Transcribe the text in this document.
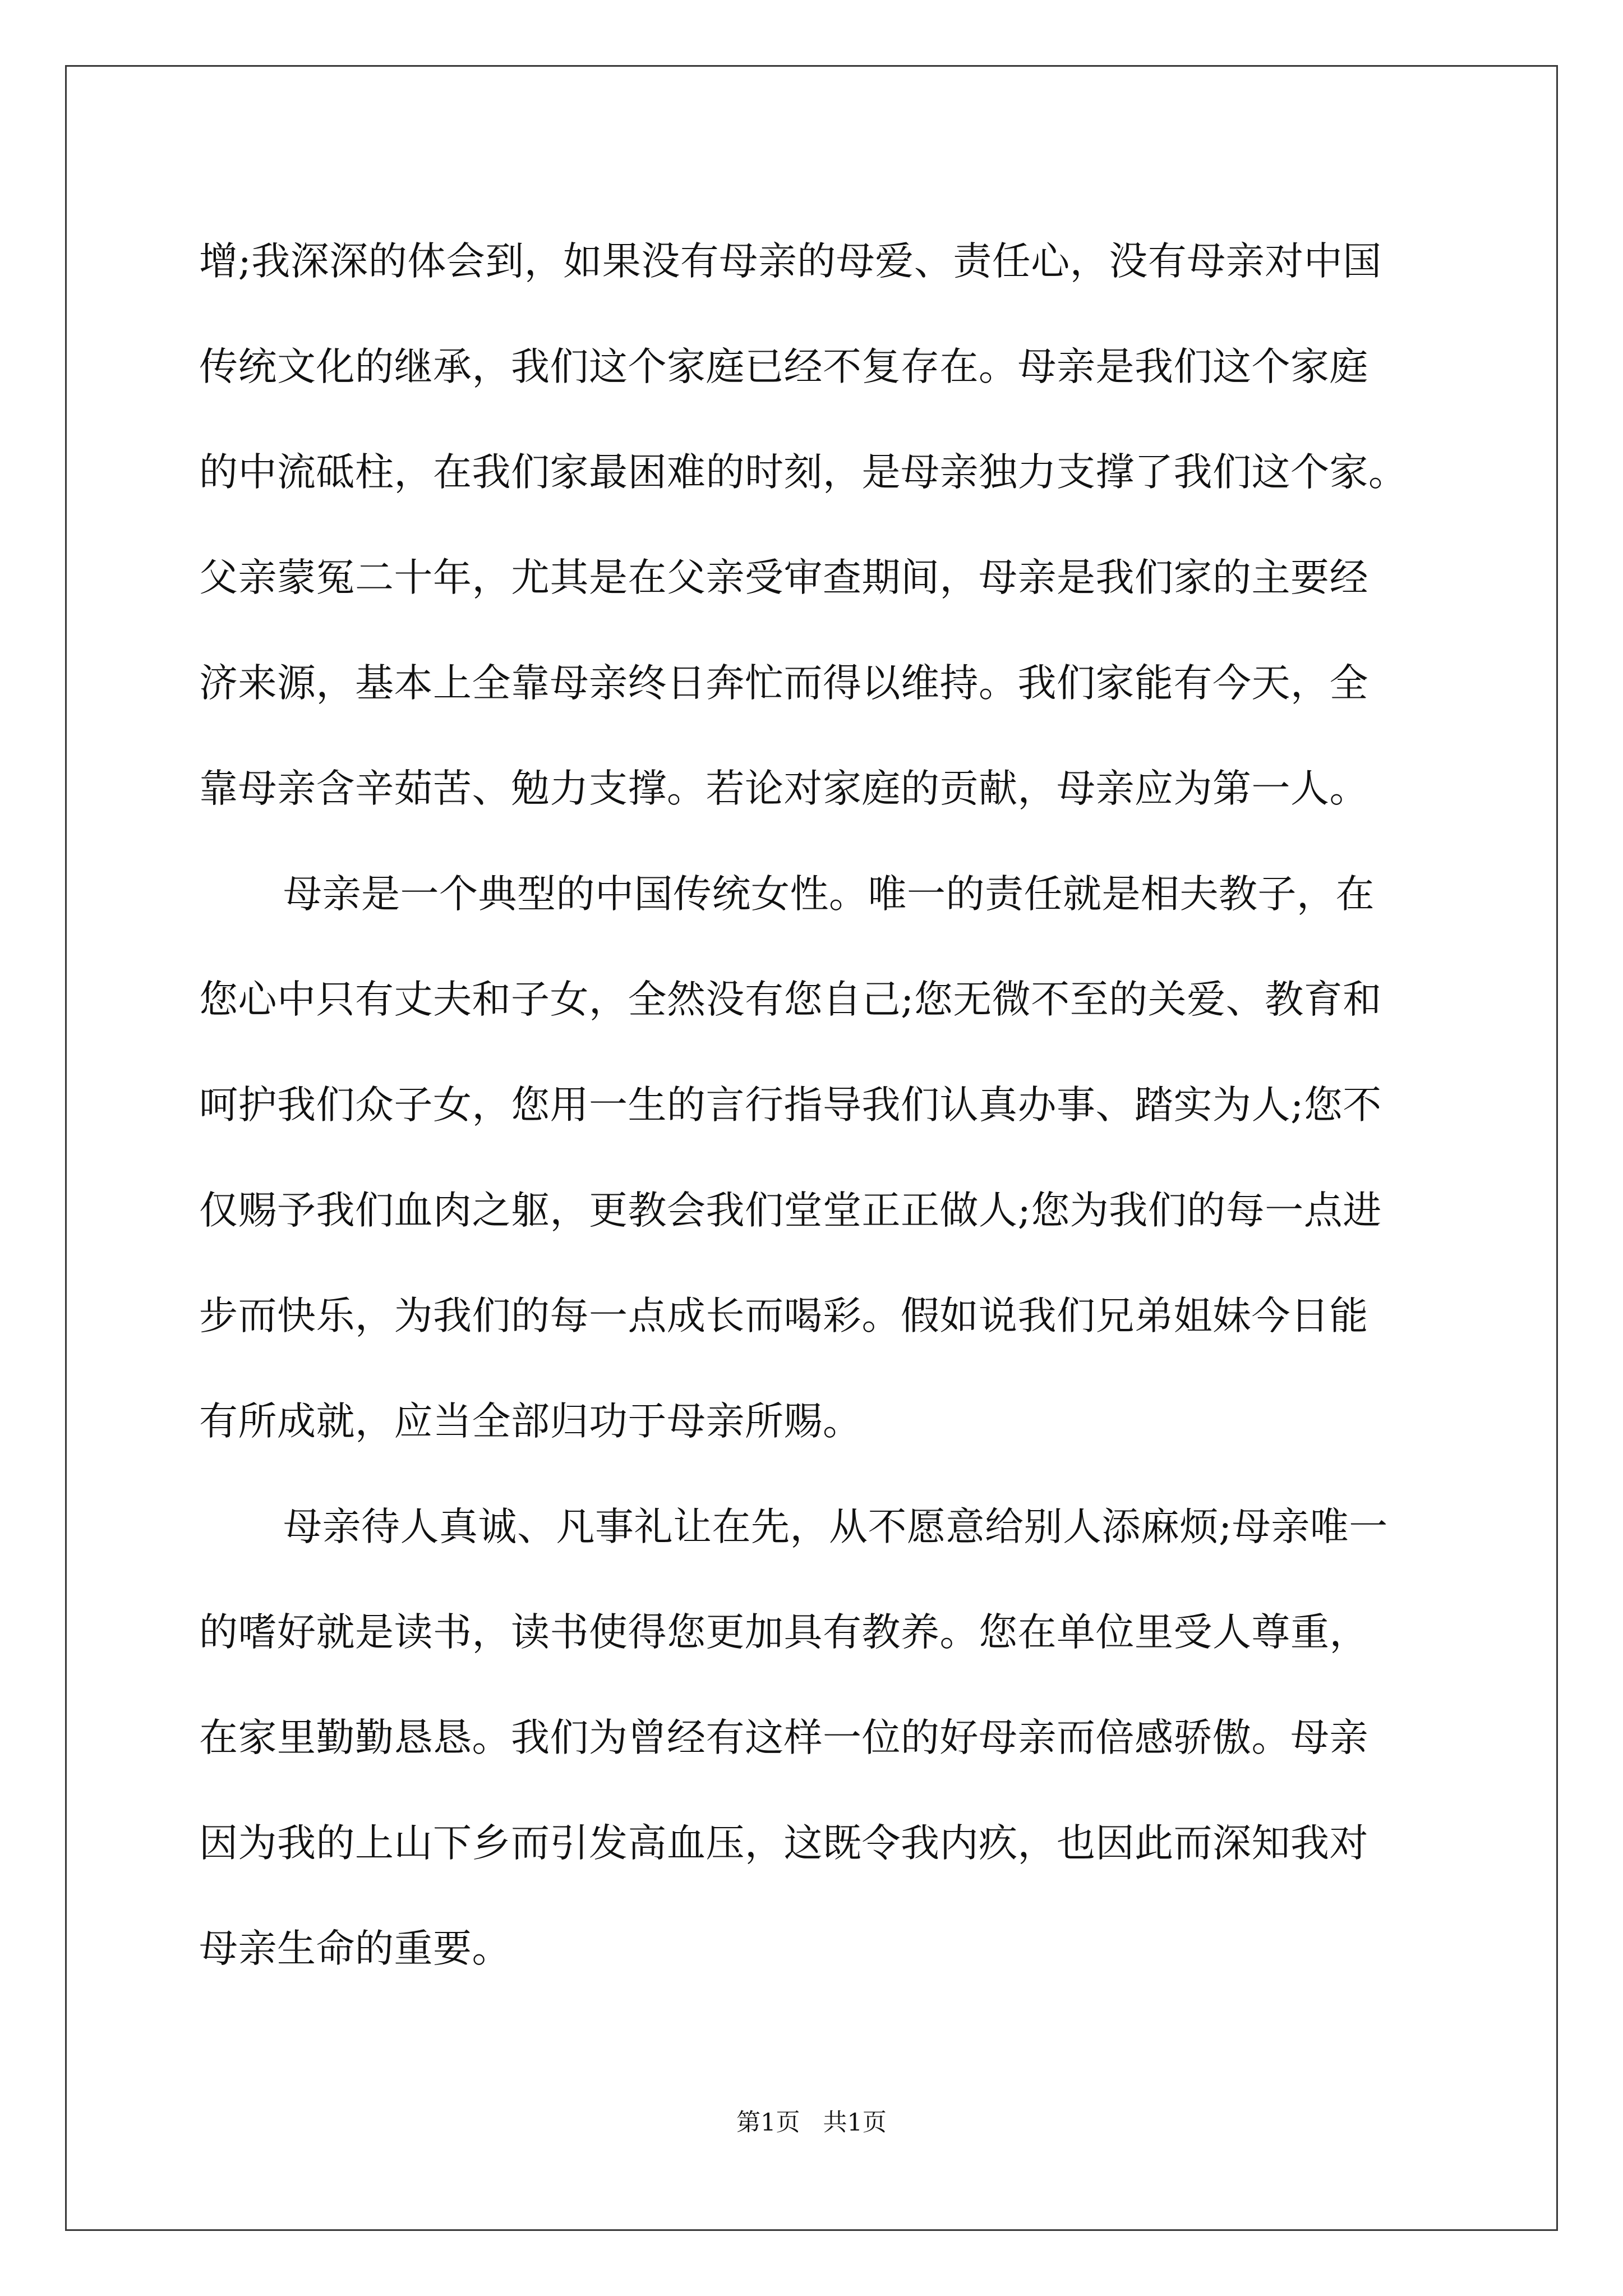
增;我深深的体会到，如果没有母亲的母爱、责任心，没有母亲对中国
传统文化的继承，我们这个家庭已经不复存在。母亲是我们这个家庭
的中流砥柱，在我们家最困难的时刻，是母亲独力支撑了我们这个家。
父亲蒙冤二十年，尤其是在父亲受审查期间，母亲是我们家的主要经
济来源，基本上全靠母亲终日奔忙而得以维持。我们家能有今天，全
靠母亲含辛茹苦、勉力支撑。若论对家庭的贡献，母亲应为第一人。

母亲是一个典型的中国传统女性。唯一的责任就是相夫教子，在
您心中只有丈夫和子女，全然没有您自己;您无微不至的关爱、教育和
呵护我们众子女，您用一生的言行指导我们认真办事、踏实为人;您不
仅赐予我们血肉之躯，更教会我们堂堂正正做人;您为我们的每一点进
步而快乐，为我们的每一点成长而喝彩。假如说我们兄弟姐妹今日能
有所成就，应当全部归功于母亲所赐。

母亲待人真诚、凡事礼让在先，从不愿意给别人添麻烦;母亲唯一
的嗜好就是读书，读书使得您更加具有教养。您在单位里受人尊重，
在家里勤勤恳恳。我们为曾经有这样一位的好母亲而倍感骄傲。母亲
因为我的上山下乡而引发高血压，这既令我内疚，也因此而深知我对
母亲生命的重要。

第1页   共1页
